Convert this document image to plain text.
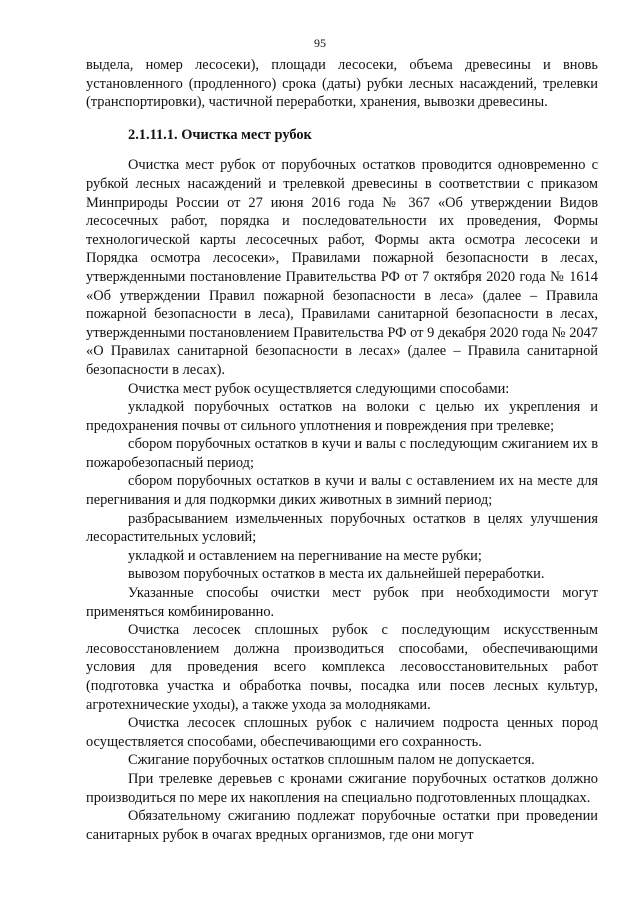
95

выдела, номер лесосеки), площади лесосеки, объема древесины и вновь установленного (продленного) срока (даты) рубки лесных насаждений, трелевки (транспортировки), частичной переработки, хранения, вывозки древесины.

2.1.11.1. Очистка мест рубок

Очистка мест рубок от порубочных остатков проводится одновременно с рубкой лесных насаждений и трелевкой древесины в соответствии с приказом Минприроды России от 27 июня 2016 года № 367 «Об утверждении Видов лесосечных работ, порядка и последовательности их проведения, Формы технологической карты лесосечных работ, Формы акта осмотра лесосеки и Порядка осмотра лесосеки», Правилами пожарной безопасности в лесах, утвержденными постановление Правительства РФ от 7 октября 2020 года № 1614 «Об утверждении Правил пожарной безопасности в леса» (далее – Правила пожарной безопасности в леса), Правилами санитарной безопасности в лесах, утвержденными постановлением Правительства РФ от 9 декабря 2020 года № 2047 «О Правилах санитарной безопасности в лесах» (далее – Правила санитарной безопасности в лесах).

Очистка мест рубок осуществляется следующими способами:

укладкой порубочных остатков на волоки с целью их укрепления и предохранения почвы от сильного уплотнения и повреждения при трелевке;

сбором порубочных остатков в кучи и валы с последующим сжиганием их в пожаробезопасный период;

сбором порубочных остатков в кучи и валы с оставлением их на месте для перегнивания и для подкормки диких животных в зимний период;

разбрасыванием измельченных порубочных остатков в целях улучшения лесорастительных условий;

укладкой и оставлением на перегнивание на месте рубки;

вывозом порубочных остатков в места их дальнейшей переработки.

Указанные способы очистки мест рубок при необходимости могут применяться комбинированно.

Очистка лесосек сплошных рубок с последующим искусственным лесовосстановлением должна производиться способами, обеспечивающими условия для проведения всего комплекса лесовосстановительных работ (подготовка участка и обработка почвы, посадка или посев лесных культур, агротехнические уходы), а также ухода за молодняками.

Очистка лесосек сплошных рубок с наличием подроста ценных пород осуществляется способами, обеспечивающими его сохранность.

Сжигание порубочных остатков сплошным палом не допускается.

При трелевке деревьев с кронами сжигание порубочных остатков должно производиться по мере их накопления на специально подготовленных площадках.

Обязательному сжиганию подлежат порубочные остатки при проведении санитарных рубок в очагах вредных организмов, где они могут
